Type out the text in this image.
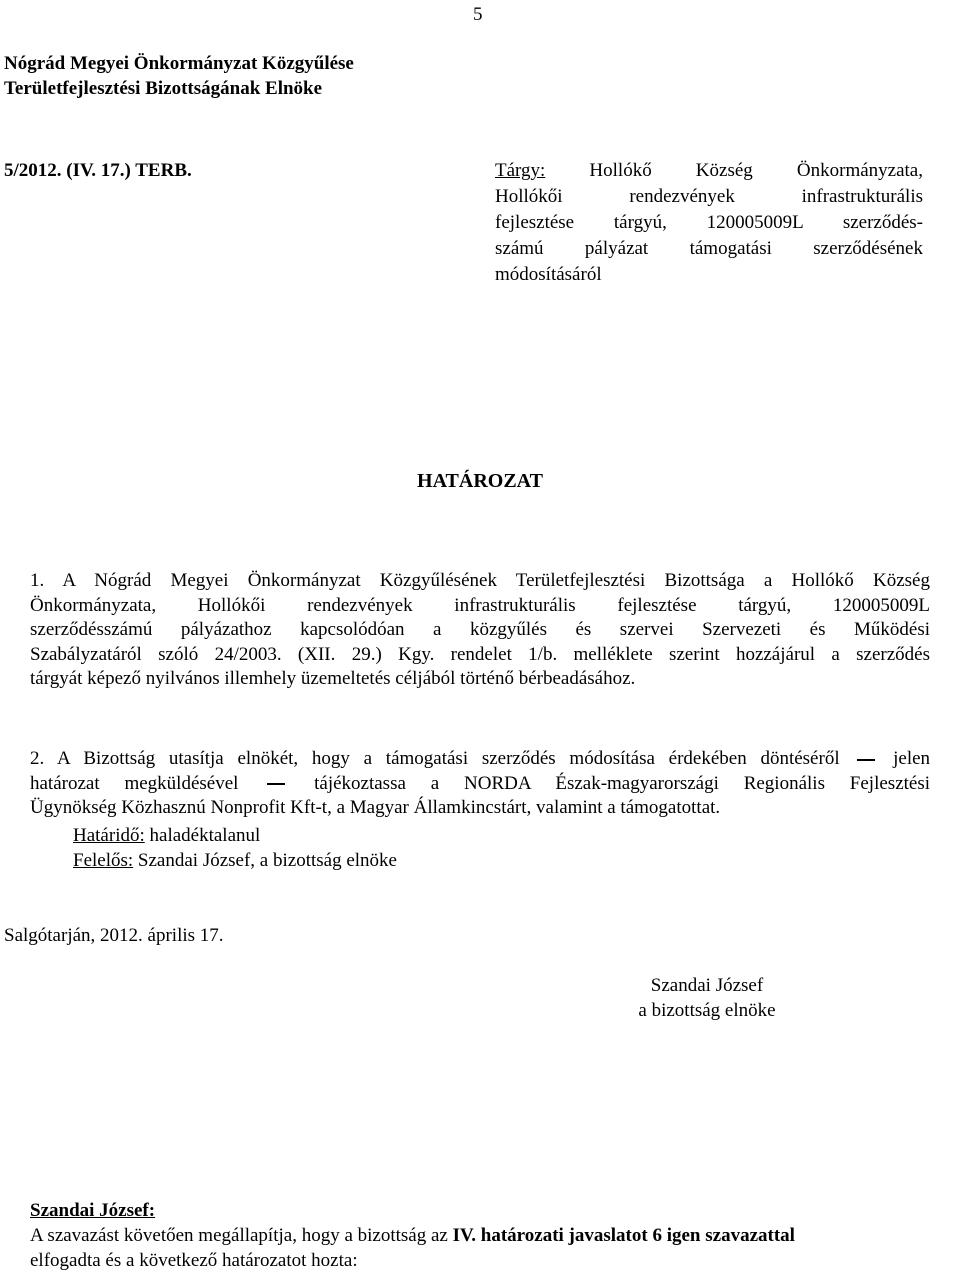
5
Nógrád Megyei Önkormányzat Közgyűlése
Területfejlesztési Bizottságának Elnöke
5/2012. (IV. 17.) TERB.	Tárgy: Hollókő Község Önkormányzata,
Hollókői rendezvények infrastrukturális
fejlesztése tárgyú, 120005009L szerződés-
számú pályázat támogatási szerződésének
módosításáról
HATÁROZAT
1. A Nógrád Megyei Önkormányzat Közgyűlésének Területfejlesztési Bizottsága a Hollókő Község
Önkormányzata, Hollókői rendezvények infrastrukturális fejlesztése tárgyú, 120005009L
szerződésszámú pályázathoz kapcsolódóan a közgyűlés és szervei Szervezeti és Működési
Szabályzatáról szóló 24/2003. (XII. 29.) Kgy. rendelet 1/b. melléklete szerint hozzájárul a szerződés
tárgyát képező nyilvános illemhely üzemeltetés céljából történő bérbeadásához.
2. A Bizottság utasítja elnökét, hogy a támogatási szerződés módosítása érdekében döntéséről	jelen
határozat megküldésével	tájékoztassa a NORDA Észak-magyarországi Regionális Fejlesztési
Ügynökség Közhasznú Nonprofit Kft-t, a Magyar Államkincstárt, valamint a támogatottat.
Határidő: haladéktalanul
Felelős: Szandai József, a bizottság elnöke
Salgótarján, 2012. április 17.
Szandai József
a bizottság elnöke
Szandai József:
A szavazást követően megállapítja, hogy a bizottság az IV. határozati javaslatot 6 igen szavazattal
elfogadta és a következő határozatot hozta:
